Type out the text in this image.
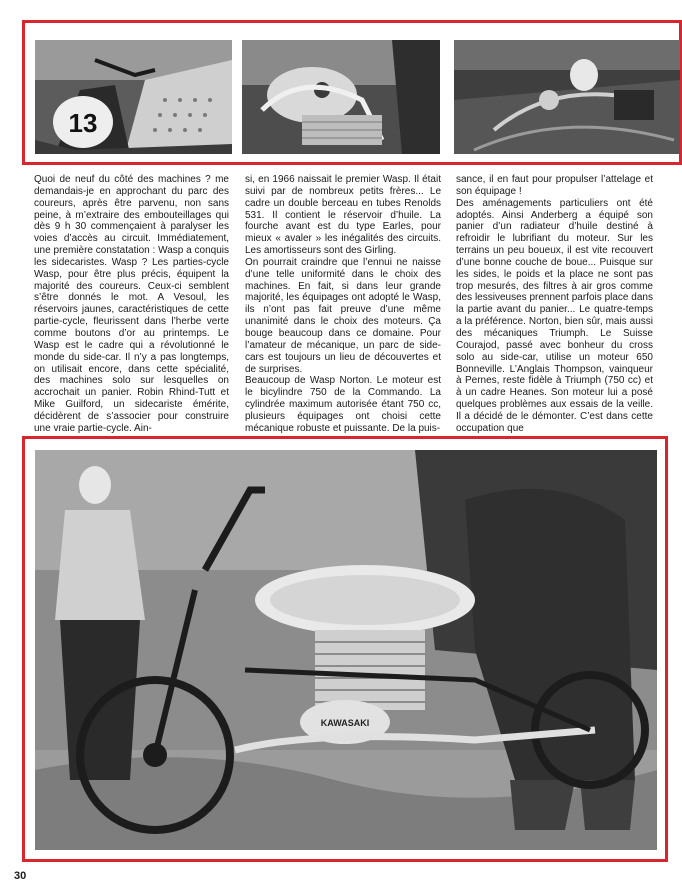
13

Quoi de neuf du côté des machines ? me demandais-je en approchant du parc des coureurs, après être parvenu, non sans peine, à m’extraire des embouteillages qui dès 9 h 30 commençaient à paralyser les voies d’accès au circuit. Immédiatement, une première constatation : Wasp a conquis les sidecaristes. Wasp ? Les parties-cycle Wasp, pour être plus précis, équipent la majorité des coureurs. Ceux-ci semblent s’être donnés le mot. A Vesoul, les réservoirs jaunes, caractéristiques de cette partie-cycle, fleurissent dans l’herbe verte comme boutons d’or au printemps. Le Wasp est le cadre qui a révolutionné le monde du side-car. Il n’y a pas longtemps, on utilisait encore, dans cette spécialité, des machines solo sur lesquelles on accrochait un panier. Robin Rhind-Tutt et Mike Guilford, un sidecariste émérite, décidèrent de s’associer pour construire une vraie partie-cycle. Ain-

si, en 1966 naissait le premier Wasp. Il était suivi par de nombreux petits frères... Le cadre un double berceau en tubes Renolds 531. Il contient le réservoir d’huile. La fourche avant est du type Earles, pour mieux « avaler » les inégalités des circuits. Les amortisseurs sont des Girling.

On pourrait craindre que l’ennui ne naisse d’une telle uniformité dans le choix des machines. En fait, si dans leur grande majorité, les équipages ont adopté le Wasp, ils n’ont pas fait preuve d’une même unanimité dans le choix des moteurs. Ça bouge beaucoup dans ce domaine. Pour l’amateur de mécanique, un parc de side-cars est toujours un lieu de découvertes et de surprises.

Beaucoup de Wasp Norton. Le moteur est le bicylindre 750 de la Commando. La cylindrée maximum autorisée étant 750 cc, plusieurs équipages ont choisi cette mécanique robuste et puissante. De la puis-

sance, il en faut pour propulser l’attelage et son équipage !

Des aménagements particuliers ont été adoptés. Ainsi Anderberg a équipé son panier d’un radiateur d’huile destiné à refroidir le lubrifiant du moteur. Sur les terrains un peu boueux, il est vite recouvert d’une bonne couche de boue... Puisque sur les sides, le poids et la place ne sont pas trop mesurés, des filtres à air gros comme des lessiveuses prennent parfois place dans la partie avant du panier... Le quatre-temps a la préférence. Norton, bien sûr, mais aussi des mécaniques Triumph. Le Suisse Courajod, passé avec bonheur du cross solo au side-car, utilise un moteur 650 Bonneville. L’Anglais Thompson, vainqueur à Pernes, reste fidèle à Triumph (750 cc) et à un cadre Heanes. Son moteur lui a posé quelques problèmes aux essais de la veille. Il a décidé de le démonter. C’est dans cette occupation que

KAWASAKI
30
